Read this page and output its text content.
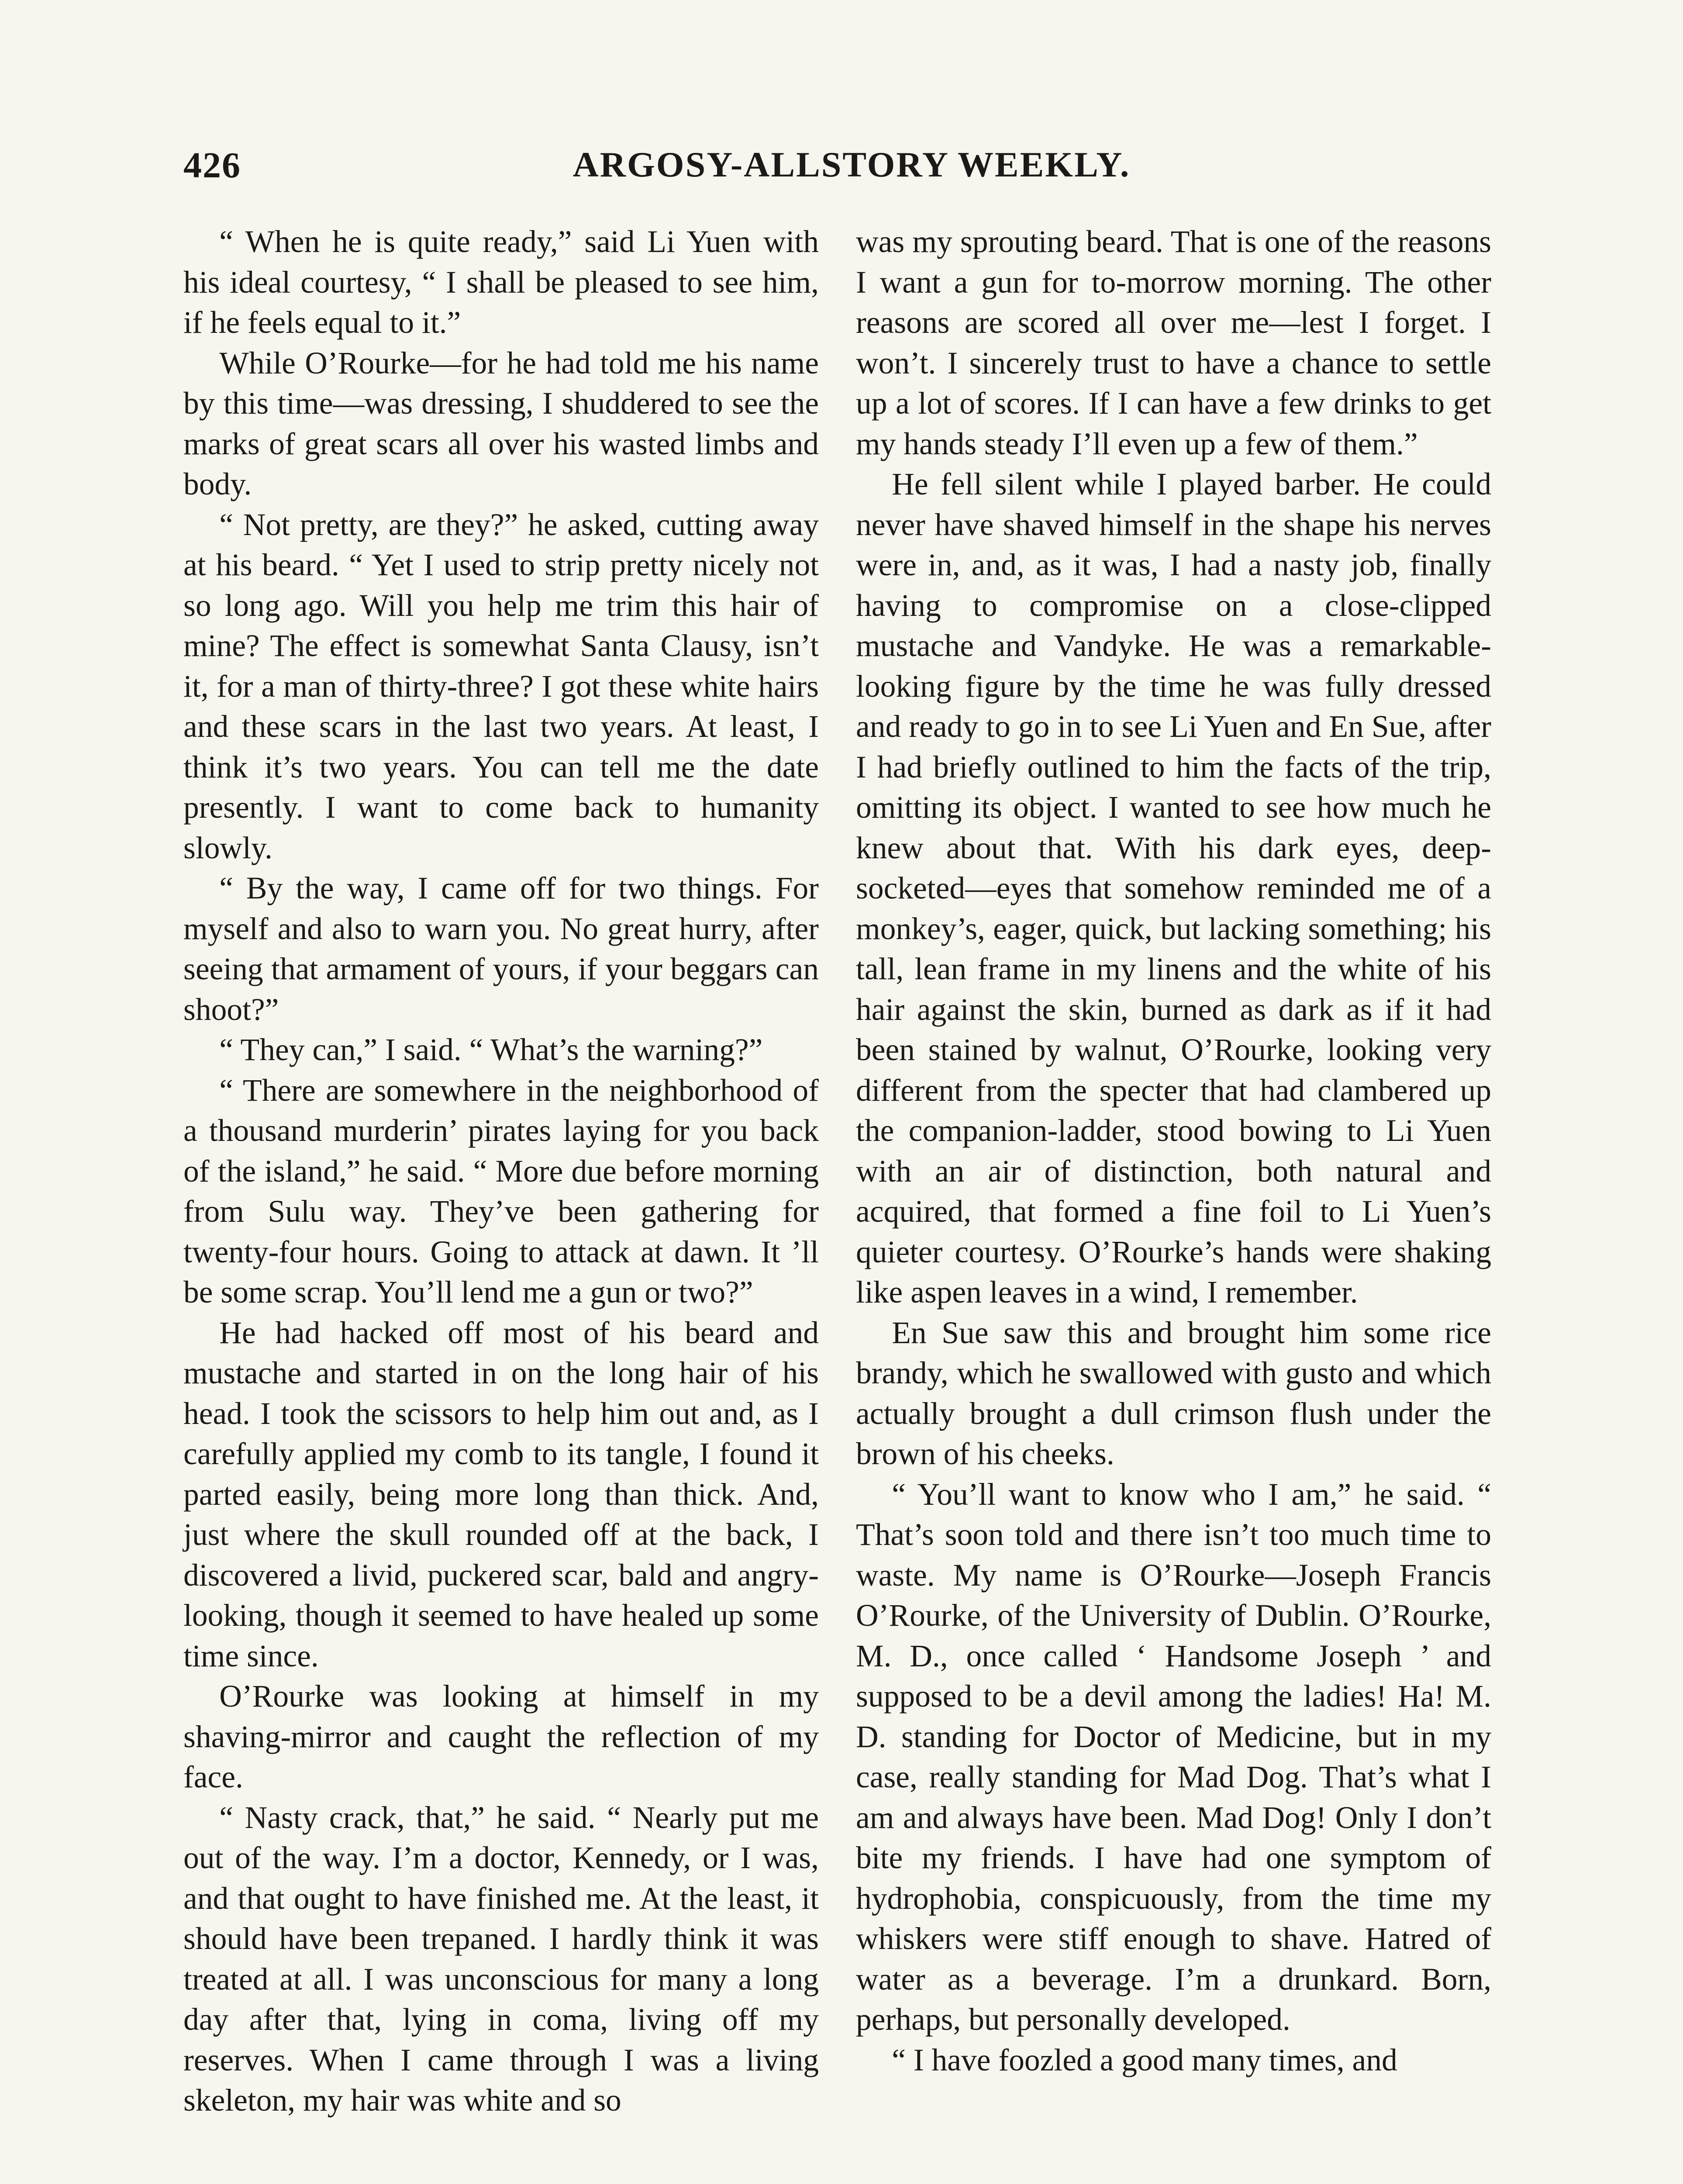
426	ARGOSY-ALLSTORY WEEKLY.

“ When he is quite ready,” said Li Yuen with his ideal courtesy, “ I shall be pleased to see him, if he feels equal to it.”

While O’Rourke—for he had told me his name by this time—was dressing, I shuddered to see the marks of great scars all over his wasted limbs and body.

“ Not pretty, are they?” he asked, cutting away at his beard. “ Yet I used to strip pretty nicely not so long ago. Will you help me trim this hair of mine? The effect is somewhat Santa Clausy, isn’t it, for a man of thirty-three? I got these white hairs and these scars in the last two years. At least, I think it’s two years. You can tell me the date presently. I want to come back to humanity slowly.

“ By the way, I came off for two things. For myself and also to warn you. No great hurry, after seeing that armament of yours, if your beggars can shoot?”

“ They can,” I said. “ What’s the warning?”

“ There are somewhere in the neighborhood of a thousand murderin’ pirates laying for you back of the island,” he said. “ More due before morning from Sulu way. They’ve been gathering for twenty-four hours. Going to attack at dawn. It ’ll be some scrap. You’ll lend me a gun or two?”

He had hacked off most of his beard and mustache and started in on the long hair of his head. I took the scissors to help him out and, as I carefully applied my comb to its tangle, I found it parted easily, being more long than thick. And, just where the skull rounded off at the back, I discovered a livid, puckered scar, bald and angry-looking, though it seemed to have healed up some time since.

O’Rourke was looking at himself in my shaving-mirror and caught the reflection of my face.

“ Nasty crack, that,” he said. “ Nearly put me out of the way. I’m a doctor, Kennedy, or I was, and that ought to have finished me. At the least, it should have been trepaned. I hardly think it was treated at all. I was unconscious for many a long day after that, lying in coma, living off my reserves. When I came through I was a living skeleton, my hair was white and so

was my sprouting beard. That is one of the reasons I want a gun for to-morrow morning. The other reasons are scored all over me—lest I forget. I won’t. I sincerely trust to have a chance to settle up a lot of scores. If I can have a few drinks to get my hands steady I’ll even up a few of them.”

He fell silent while I played barber. He could never have shaved himself in the shape his nerves were in, and, as it was, I had a nasty job, finally having to compromise on a close-clipped mustache and Vandyke. He was a remarkable-looking figure by the time he was fully dressed and ready to go in to see Li Yuen and En Sue, after I had briefly outlined to him the facts of the trip, omitting its object. I wanted to see how much he knew about that. With his dark eyes, deep-socketed—eyes that somehow reminded me of a monkey’s, eager, quick, but lacking something; his tall, lean frame in my linens and the white of his hair against the skin, burned as dark as if it had been stained by walnut, O’Rourke, looking very different from the specter that had clambered up the companion-ladder, stood bowing to Li Yuen with an air of distinction, both natural and acquired, that formed a fine foil to Li Yuen’s quieter courtesy. O’Rourke’s hands were shaking like aspen leaves in a wind, I remember.

En Sue saw this and brought him some rice brandy, which he swallowed with gusto and which actually brought a dull crimson flush under the brown of his cheeks.

“ You’ll want to know who I am,” he said. “ That’s soon told and there isn’t too much time to waste. My name is O’Rourke—Joseph Francis O’Rourke, of the University of Dublin. O’Rourke, M. D., once called ‘ Handsome Joseph ’ and supposed to be a devil among the ladies! Ha! M. D. standing for Doctor of Medicine, but in my case, really standing for Mad Dog. That’s what I am and always have been. Mad Dog! Only I don’t bite my friends. I have had one symptom of hydrophobia, conspicuously, from the time my whiskers were stiff enough to shave. Hatred of water as a beverage. I’m a drunkard. Born, perhaps, but personally developed.

“ I have foozled a good many times, and
